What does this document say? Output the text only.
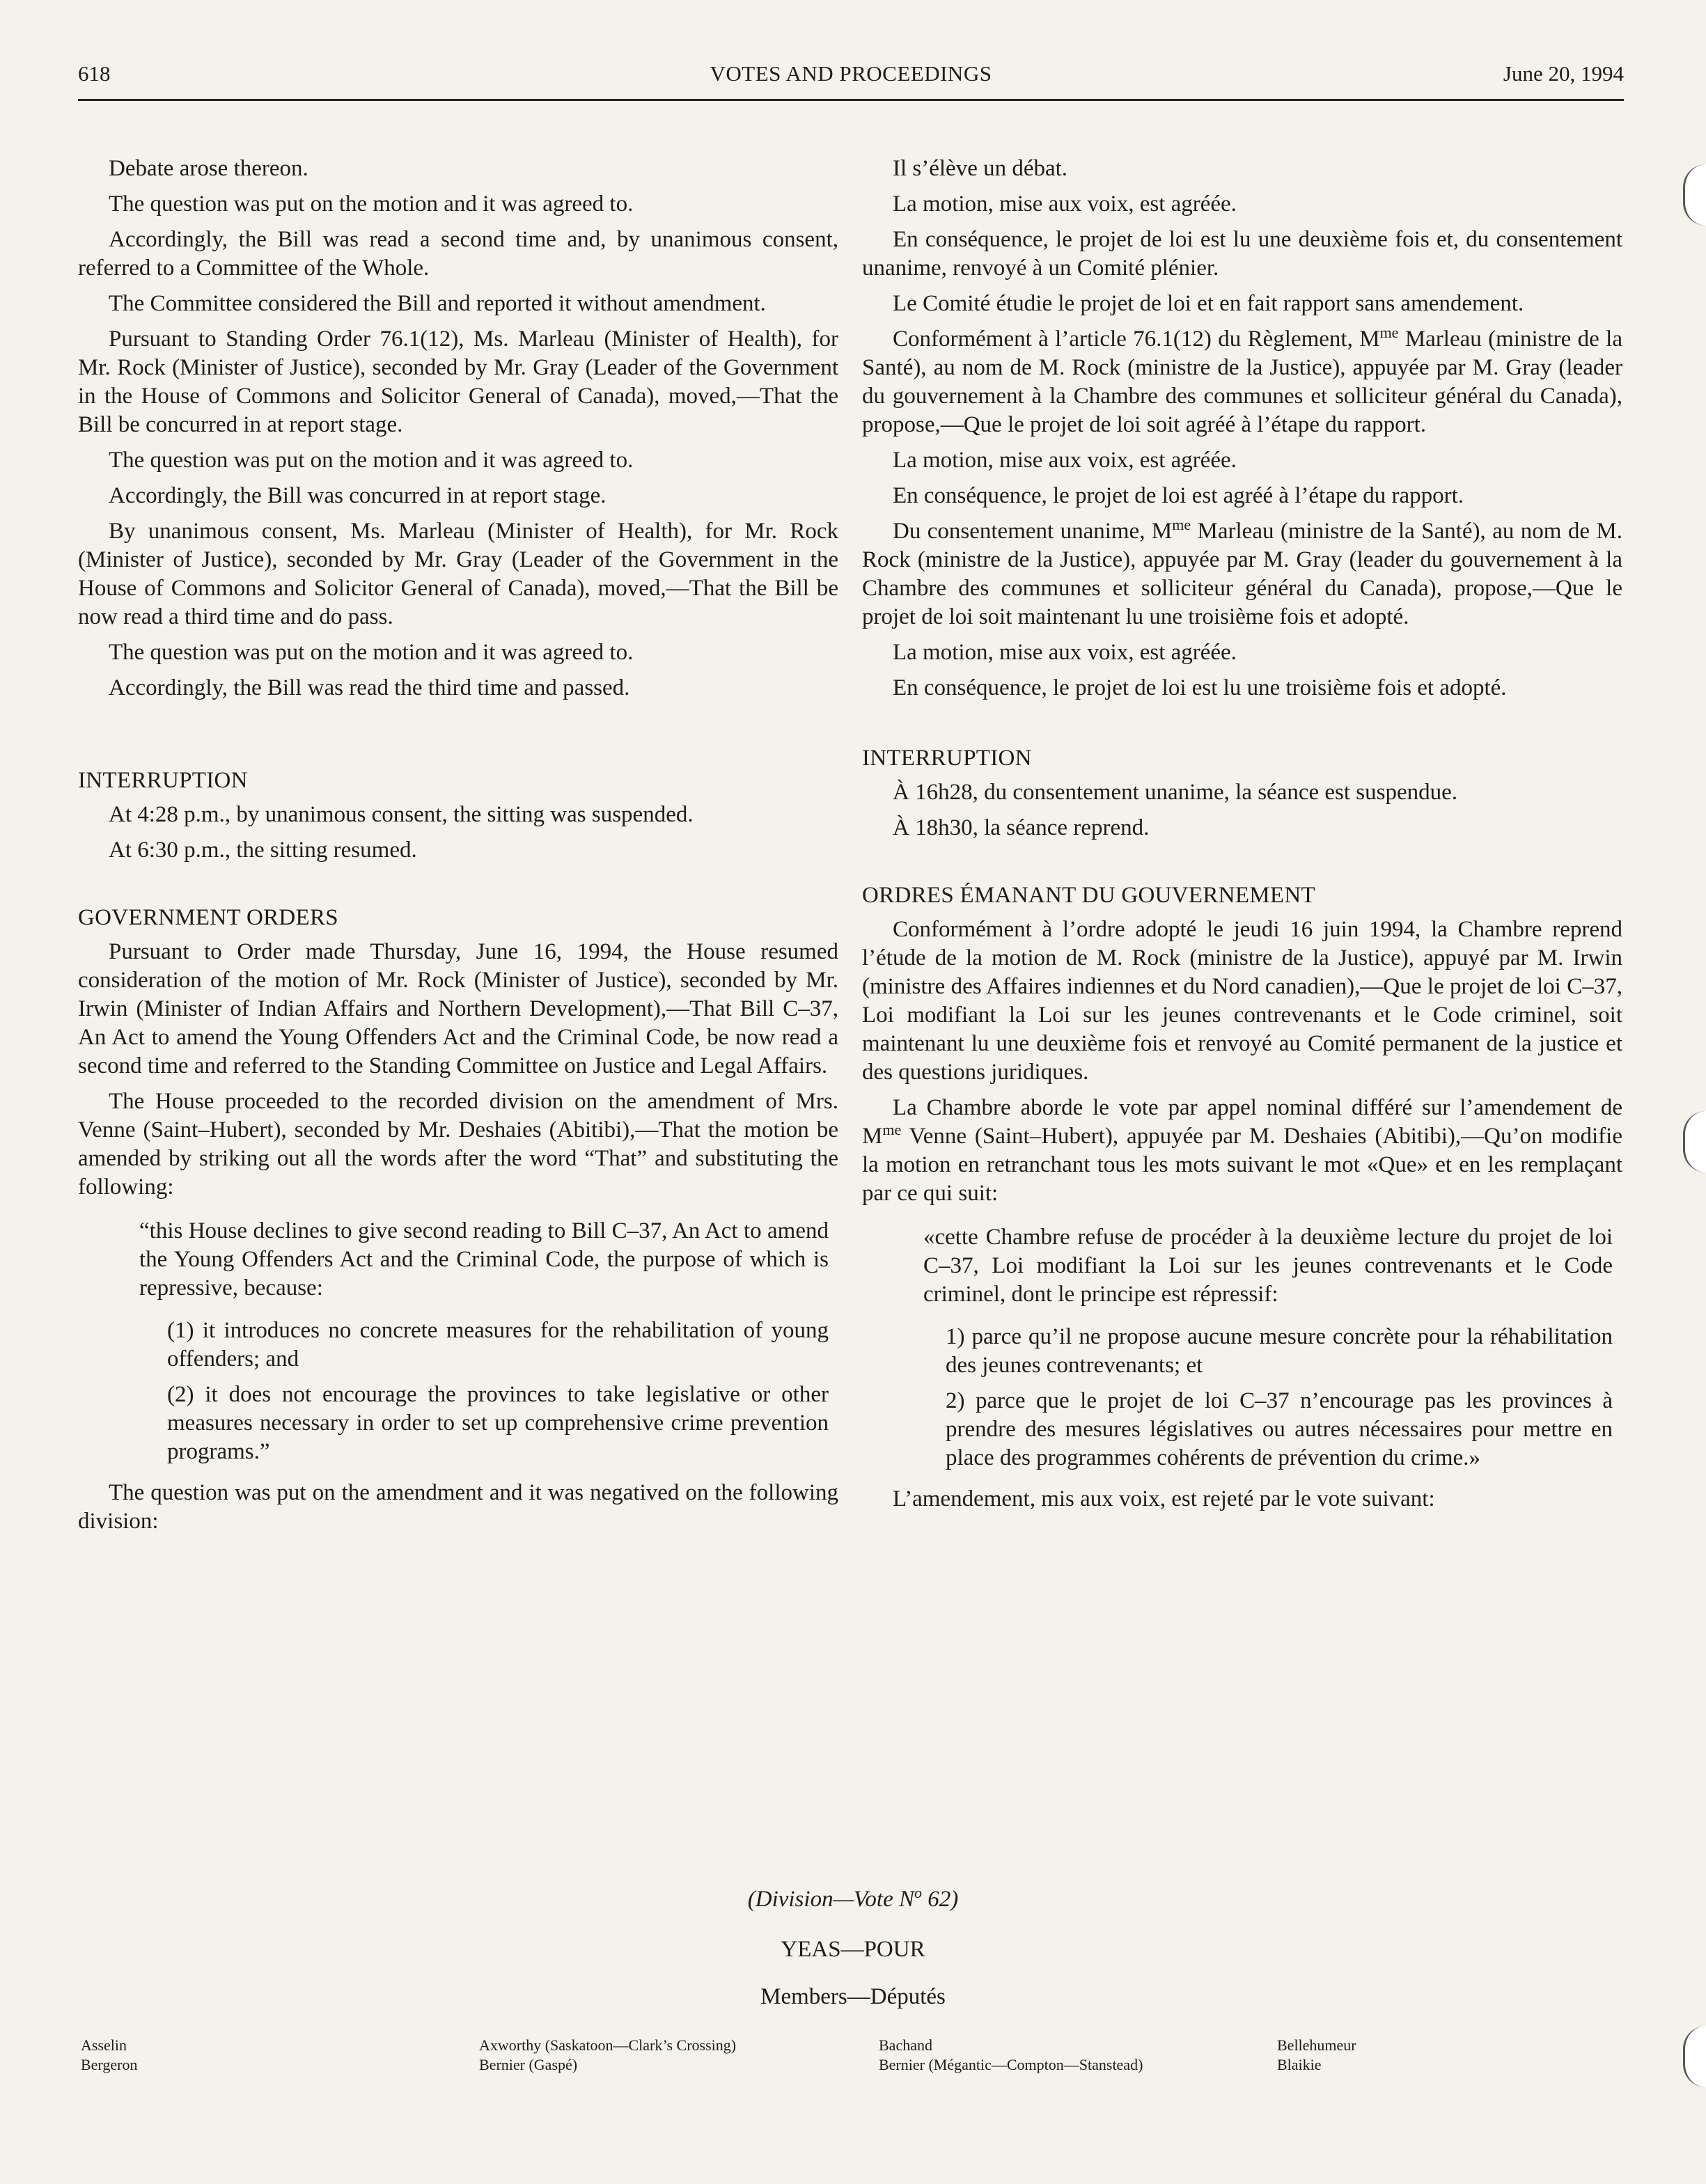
618	VOTES AND PROCEEDINGS	June 20, 1994

Debate arose thereon.

The question was put on the motion and it was agreed to.

Accordingly, the Bill was read a second time and, by unanimous consent, referred to a Committee of the Whole.

The Committee considered the Bill and reported it without amendment.

Pursuant to Standing Order 76.1(12), Ms. Marleau (Minister of Health), for Mr. Rock (Minister of Justice), seconded by Mr. Gray (Leader of the Government in the House of Commons and Solicitor General of Canada), moved,—That the Bill be concurred in at report stage.

The question was put on the motion and it was agreed to.

Accordingly, the Bill was concurred in at report stage.

By unanimous consent, Ms. Marleau (Minister of Health), for Mr. Rock (Minister of Justice), seconded by Mr. Gray (Leader of the Government in the House of Commons and Solicitor General of Canada), moved,—That the Bill be now read a third time and do pass.

The question was put on the motion and it was agreed to.

Accordingly, the Bill was read the third time and passed.

INTERRUPTION

At 4:28 p.m., by unanimous consent, the sitting was suspended.

At 6:30 p.m., the sitting resumed.

GOVERNMENT ORDERS

Pursuant to Order made Thursday, June 16, 1994, the House resumed consideration of the motion of Mr. Rock (Minister of Justice), seconded by Mr. Irwin (Minister of Indian Affairs and Northern Development),—That Bill C–37, An Act to amend the Young Offenders Act and the Criminal Code, be now read a second time and referred to the Standing Committee on Justice and Legal Affairs.

The House proceeded to the recorded division on the amendment of Mrs. Venne (Saint–Hubert), seconded by Mr. Deshaies (Abitibi),—That the motion be amended by striking out all the words after the word “That” and substituting the following:

“this House declines to give second reading to Bill C–37, An Act to amend the Young Offenders Act and the Criminal Code, the purpose of which is repressive, because:

(1) it introduces no concrete measures for the rehabilitation of young offenders; and

(2) it does not encourage the provinces to take legislative or other measures necessary in order to set up comprehensive crime prevention programs.”

The question was put on the amendment and it was negatived on the following division:

Il s’élève un débat.

La motion, mise aux voix, est agréée.

En conséquence, le projet de loi est lu une deuxième fois et, du consentement unanime, renvoyé à un Comité plénier.

Le Comité étudie le projet de loi et en fait rapport sans amendement.

Conformément à l’article 76.1(12) du Règlement, $M^{me}$ Marleau (ministre de la Santé), au nom de M. Rock (ministre de la Justice), appuyée par M. Gray (leader du gouvernement à la Chambre des communes et solliciteur général du Canada), propose,—Que le projet de loi soit agréé à l’étape du rapport.

La motion, mise aux voix, est agréée.

En conséquence, le projet de loi est agréé à l’étape du rapport.

Du consentement unanime, $M^{me}$ Marleau (ministre de la Santé), au nom de M. Rock (ministre de la Justice), appuyée par M. Gray (leader du gouvernement à la Chambre des communes et solliciteur général du Canada), propose,—Que le projet de loi soit maintenant lu une troisième fois et adopté.

La motion, mise aux voix, est agréée.

En conséquence, le projet de loi est lu une troisième fois et adopté.

INTERRUPTION

À 16h28, du consentement unanime, la séance est suspendue.

À 18h30, la séance reprend.

ORDRES ÉMANANT DU GOUVERNEMENT

Conformément à l’ordre adopté le jeudi 16 juin 1994, la Chambre reprend l’étude de la motion de M. Rock (ministre de la Justice), appuyé par M. Irwin (ministre des Affaires indiennes et du Nord canadien),—Que le projet de loi C–37, Loi modifiant la Loi sur les jeunes contrevenants et le Code criminel, soit maintenant lu une deuxième fois et renvoyé au Comité permanent de la justice et des questions juridiques.

La Chambre aborde le vote par appel nominal différé sur l’amendement de $M^{me}$ Venne (Saint–Hubert), appuyée par M. Deshaies (Abitibi),—Qu’on modifie la motion en retranchant tous les mots suivant le mot «Que» et en les remplaçant par ce qui suit:

«cette Chambre refuse de procéder à la deuxième lecture du projet de loi C–37, Loi modifiant la Loi sur les jeunes contrevenants et le Code criminel, dont le principe est répressif:

1) parce qu’il ne propose aucune mesure concrète pour la réhabilitation des jeunes contrevenants; et

2) parce que le projet de loi C–37 n’encourage pas les provinces à prendre des mesures législatives ou autres nécessaires pour mettre en place des programmes cohérents de prévention du crime.»

L’amendement, mis aux voix, est rejeté par le vote suivant:

(Division—Vote $N^o$ 62)
YEAS—POUR
Members—Députés
Asselin
Bergeron
Axworthy (Saskatoon—Clark’s Crossing)
Bernier (Gaspé)
Bachand
Bernier (Mégantic—Compton—Stanstead)
Bellehumeur
Blaikie
